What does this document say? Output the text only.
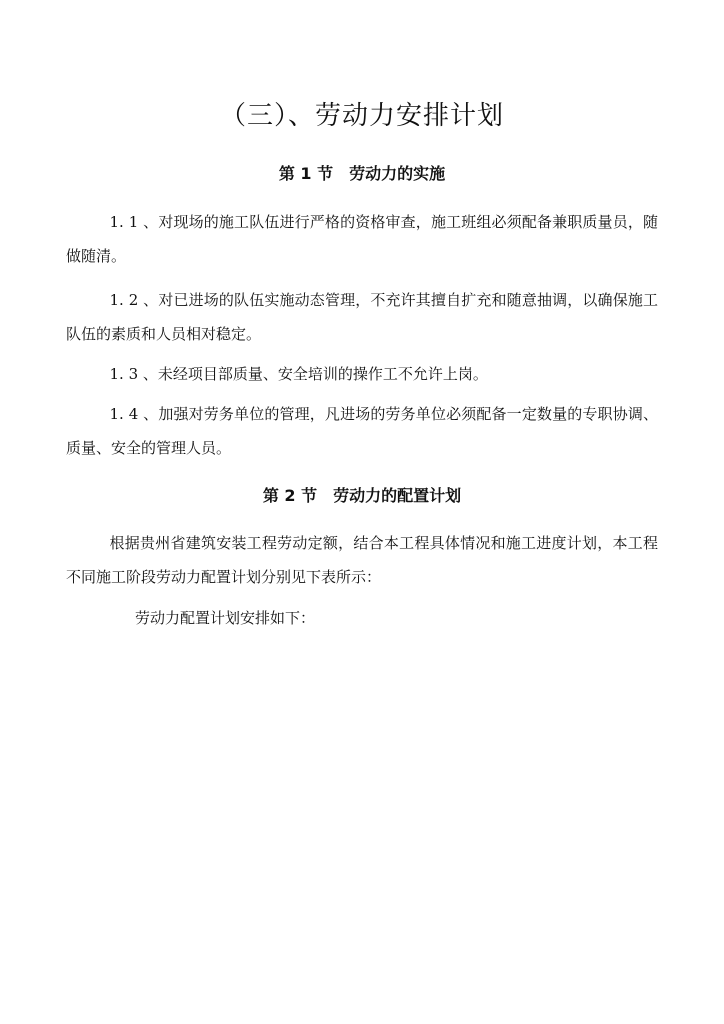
（三）、劳动力安排计划
第 1 节　劳动力的实施

1. 1 、对现场的施工队伍进行严格的资格审查，施工班组必须配备兼职质量员，随做随清。

1. 2 、对已进场的队伍实施动态管理，不充许其擅自扩充和随意抽调，以确保施工队伍的素质和人员相对稳定。

1. 3 、未经项目部质量、安全培训的操作工不允许上岗。

1. 4 、加强对劳务单位的管理，凡进场的劳务单位必须配备一定数量的专职协调、质量、安全的管理人员。

第 2 节　劳动力的配置计划

根据贵州省建筑安装工程劳动定额，结合本工程具体情况和施工进度计划，本工程不同施工阶段劳动力配置计划分别见下表所示：

劳动力配置计划安排如下：
